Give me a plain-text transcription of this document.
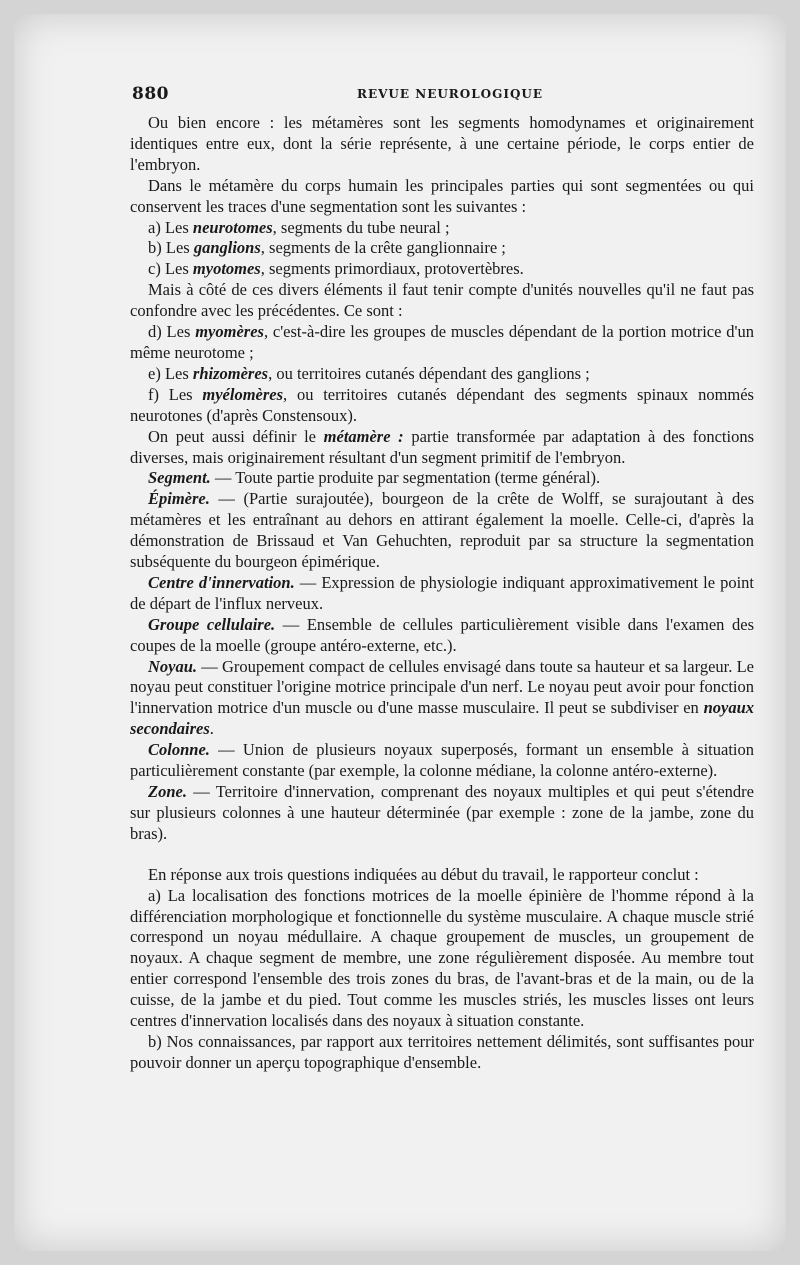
880	REVUE NEUROLOGIQUE

Ou bien encore : les métamères sont les segments homodynames et originairement identiques entre eux, dont la série représente, à une certaine période, le corps entier de l'embryon.

Dans le métamère du corps humain les principales parties qui sont segmentées ou qui conservent les traces d'une segmentation sont les suivantes :

a) Les neurotomes, segments du tube neural ;

b) Les ganglions, segments de la crête ganglionnaire ;

c) Les myotomes, segments primordiaux, protovertèbres.

Mais à côté de ces divers éléments il faut tenir compte d'unités nouvelles qu'il ne faut pas confondre avec les précédentes. Ce sont :

d) Les myomères, c'est-à-dire les groupes de muscles dépendant de la portion motrice d'un même neurotome ;

e) Les rhizomères, ou territoires cutanés dépendant des ganglions ;

f) Les myélomères, ou territoires cutanés dépendant des segments spinaux nommés neurotones (d'après Constensoux).

On peut aussi définir le métamère : partie transformée par adaptation à des fonctions diverses, mais originairement résultant d'un segment primitif de l'embryon.

Segment. — Toute partie produite par segmentation (terme général).

Épimère. — (Partie surajoutée), bourgeon de la crête de Wolff, se surajoutant à des métamères et les entraînant au dehors en attirant également la moelle. Celle-ci, d'après la démonstration de Brissaud et Van Gehuchten, reproduit par sa structure la segmentation subséquente du bourgeon épimérique.

Centre d'innervation. — Expression de physiologie indiquant approximativement le point de départ de l'influx nerveux.

Groupe cellulaire. — Ensemble de cellules particulièrement visible dans l'examen des coupes de la moelle (groupe antéro-externe, etc.).

Noyau. — Groupement compact de cellules envisagé dans toute sa hauteur et sa largeur. Le noyau peut constituer l'origine motrice principale d'un nerf. Le noyau peut avoir pour fonction l'innervation motrice d'un muscle ou d'une masse musculaire. Il peut se subdiviser en noyaux secondaires.

Colonne. — Union de plusieurs noyaux superposés, formant un ensemble à situation particulièrement constante (par exemple, la colonne médiane, la colonne antéro-externe).

Zone. — Territoire d'innervation, comprenant des noyaux multiples et qui peut s'étendre sur plusieurs colonnes à une hauteur déterminée (par exemple : zone de la jambe, zone du bras).

En réponse aux trois questions indiquées au début du travail, le rapporteur conclut :

a) La localisation des fonctions motrices de la moelle épinière de l'homme répond à la différenciation morphologique et fonctionnelle du système musculaire. A chaque muscle strié correspond un noyau médullaire. A chaque groupement de muscles, un groupement de noyaux. A chaque segment de membre, une zone régulièrement disposée. Au membre tout entier correspond l'ensemble des trois zones du bras, de l'avant-bras et de la main, ou de la cuisse, de la jambe et du pied. Tout comme les muscles striés, les muscles lisses ont leurs centres d'innervation localisés dans des noyaux à situation constante.

b) Nos connaissances, par rapport aux territoires nettement délimités, sont suffisantes pour pouvoir donner un aperçu topographique d'ensemble.
